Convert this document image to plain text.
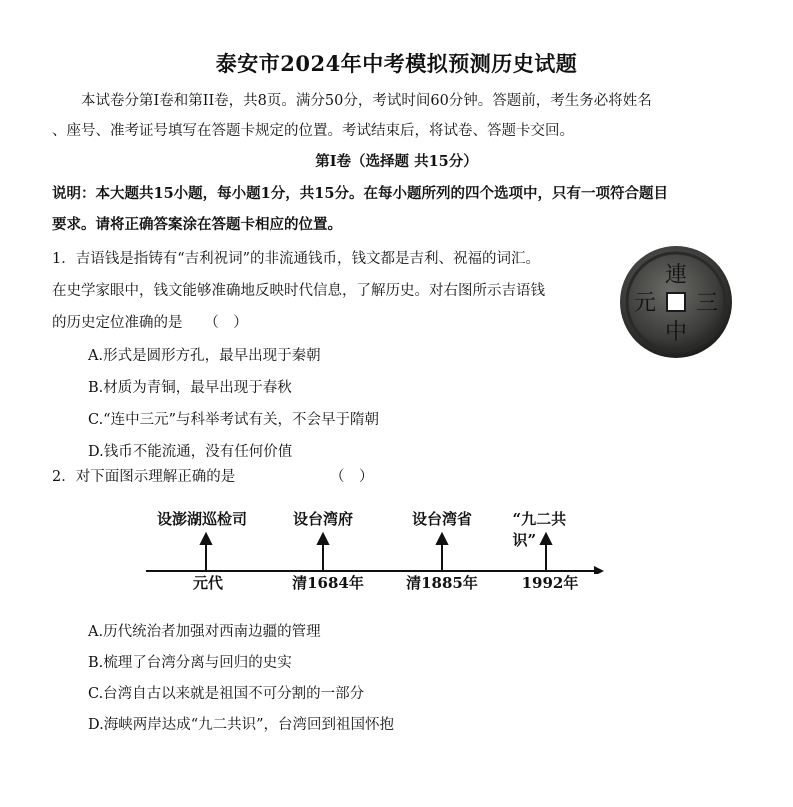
泰安市2024年中考模拟预测历史试题
本试卷分第I卷和第II卷，共8页。满分50分，考试时间60分钟。答题前，考生务必将姓名
、座号、准考证号填写在答题卡规定的位置。考试结束后，将试卷、答题卡交回。
第I卷（选择题 共15分）
说明：本大题共15小题，每小题1分，共15分。在每小题所列的四个选项中，只有一项符合题目
要求。请将正确答案涂在答题卡相应的位置。
1．吉语钱是指铸有“吉利祝词”的非流通钱币，钱文都是吉利、祝福的词汇。
在史学家眼中，钱文能够准确地反映时代信息，了解历史。对右图所示吉语钱
的历史定位准确的是　　（　）
A.形式是圆形方孔，最早出现于秦朝
B.材质为青铜，最早出现于春秋
C.“连中三元”与科举考试有关，不会早于隋朝
D.钱币不能流通，没有任何价值
連
三
中
元
2．对下面图示理解正确的是	（　）
设澎湖巡检司	设台湾府	设台湾省	“九二共识”
元代	清1684年	清1885年	1992年
A.历代统治者加强对西南边疆的管理
B.梳理了台湾分离与回归的史实
C.台湾自古以来就是祖国不可分割的一部分
D.海峡两岸达成“九二共识”，台湾回到祖国怀抱
